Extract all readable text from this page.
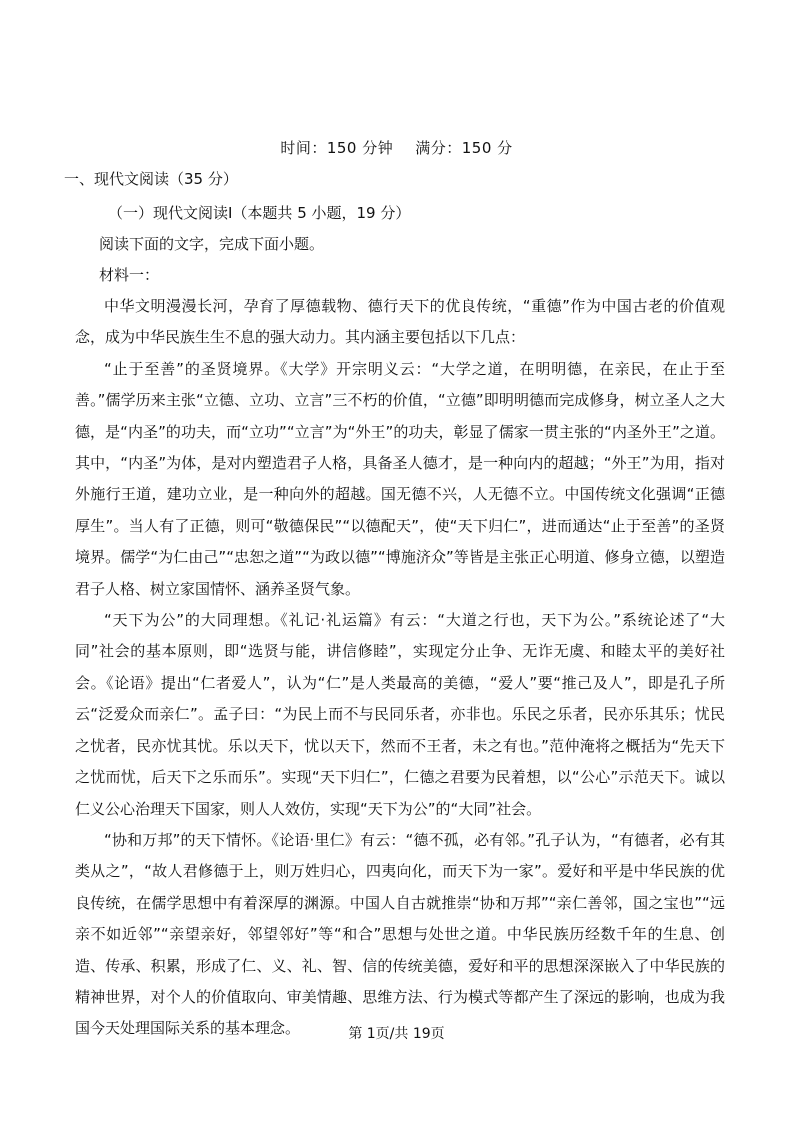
时间：150 分钟 满分：150 分
一、现代文阅读（35 分）
（一）现代文阅读Ⅰ（本题共 5 小题，19 分）
阅读下面的文字，完成下面小题。
材料一：

中华文明漫漫长河，孕育了厚德载物、德行天下的优良传统，“重德”作为中国古老的价值观念，成为中华民族生生不息的强大动力。其内涵主要包括以下几点：

“止于至善”的圣贤境界。《大学》开宗明义云：“大学之道，在明明德，在亲民，在止于至善。”儒学历来主张“立德、立功、立言”三不朽的价值，“立德”即明明德而完成修身，树立圣人之大德，是“内圣”的功夫，而“立功”“立言”为“外王”的功夫，彰显了儒家一贯主张的“内圣外王”之道。其中，“内圣”为体，是对内塑造君子人格，具备圣人德才，是一种向内的超越；“外王”为用，指对外施行王道，建功立业，是一种向外的超越。国无德不兴，人无德不立。中国传统文化强调“正德厚生”。当人有了正德，则可“敬德保民”“以德配天”，使“天下归仁”，进而通达“止于至善”的圣贤境界。儒学“为仁由己”“忠恕之道”“为政以德”“博施济众”等皆是主张正心明道、修身立德，以塑造君子人格、树立家国情怀、涵养圣贤气象。

“天下为公”的大同理想。《礼记·礼运篇》有云：“大道之行也，天下为公。”系统论述了“大同”社会的基本原则，即“选贤与能，讲信修睦”，实现定分止争、无诈无虞、和睦太平的美好社会。《论语》提出“仁者爱人”，认为“仁”是人类最高的美德，“爱人”要“推己及人”，即是孔子所云“泛爱众而亲仁”。孟子曰：“为民上而不与民同乐者，亦非也。乐民之乐者，民亦乐其乐；忧民之忧者，民亦忧其忧。乐以天下，忧以天下，然而不王者，未之有也。”范仲淹将之概括为“先天下之忧而忧，后天下之乐而乐”。实现“天下归仁”，仁德之君要为民着想，以“公心”示范天下。诚以仁义公心治理天下国家，则人人效仿，实现“天下为公”的“大同”社会。

“协和万邦”的天下情怀。《论语·里仁》有云：“德不孤，必有邻。”孔子认为，“有德者，必有其类从之”，“故人君修德于上，则万姓归心，四夷向化，而天下为一家”。爱好和平是中华民族的优良传统，在儒学思想中有着深厚的渊源。中国人自古就推崇“协和万邦”“亲仁善邻，国之宝也”“远亲不如近邻”“亲望亲好，邻望邻好”等“和合”思想与处世之道。中华民族历经数千年的生息、创造、传承、积累，形成了仁、义、礼、智、信的传统美德，爱好和平的思想深深嵌入了中华民族的精神世界，对个人的价值取向、审美情趣、思维方法、行为模式等都产生了深远的影响，也成为我国今天处理国际关系的基本理念。	第 1页/共 19页
